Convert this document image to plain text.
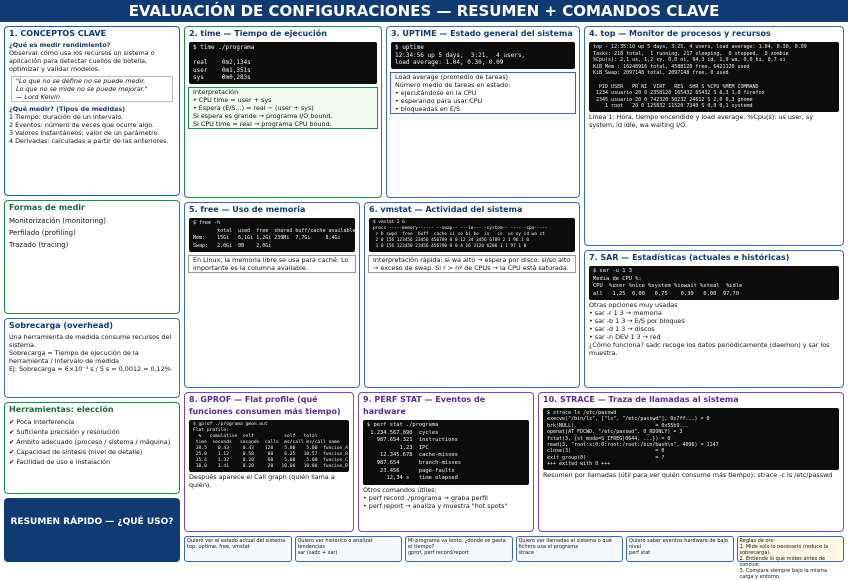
EVALUACIÓN DE CONFIGURACIONES — RESUMEN + COMANDOS CLAVE
1. CONCEPTOS CLAVE
¿Qué es medir rendimiento?
Observar cómo usa los recursos un sistema o
aplicación para detectar cuellos de botella,
optimizar y validar modelos.
"Lo que no se define no se puede medir.
Lo que no se mide no se puede mejorar."
— Lord Kelvin
¿Qué medir? (Tipos de medidas)
1 Tiempo: duración de un intervalo.
2 Eventos: número de veces que ocurre algo.
3 Valores instantáneos: valor de un parámetro.
4 Derivadas: calculadas a partir de las anteriores.
Formas de medir
Monitorización (monitoring)
Perfilado (profiling)
Trazado (tracing)
Sobrecarga (overhead)
Una herramienta de medida consume recursos del sistema.
Sobrecarga = Tiempo de ejecución de la herramienta / Intervalo de medida
Ej: Sobrecarga = 6×10⁻³ s / 5 s = 0,0012 = 0,12%
Herramientas: elección
✔ Poca interferencia
✔ Suficiente precisión y resolución
✔ Ámbito adecuado (proceso / sistema / máquina)
✔ Capacidad de síntesis (nivel de detalle)
✔ Facilidad de uso e instalación
2. time — Tiempo de ejecución
$ time ./programa

real    0m2,134s
user    0m1,351s
sys     0m0,283s
Interpretación
• CPU time = user + sys
• Espera (E/S...) = real − (user + sys)
Si espera es grande → programa I/O bound.
Si CPU time ≈ real → programa CPU bound.
3. UPTIME — Estado general del sistema
$ uptime
12:34:56 up 5 days,  3:21,  4 users,
load average: 1.04, 0.30, 0.09
Load average (promedio de tareas)
Número medio de tareas en estado:
• ejecutándose en la CPU
• esperando para usar CPU
• bloqueadas en E/S
4. top — Monitor de procesos y recursos
top - 12:35:10 up 5 days, 3:25, 4 users, load average: 1.04, 0.30, 0.09
Tasks: 218 total,  1 running, 217 sleeping,  0 stopped,  0 zombie
%Cpu(s): 2,1 us, 1,2 sy, 0,0 ni, 94,3 id, 1,9 wa, 0,0 hi, 0,7 si
KiB Mem : 16248916 total, 4588120 free, 6421120 used
KiB Swap: 2097148 total, 2097148 free, 0 used

PID USER   PR NI  VIRT   RES  SHR S %CPU %MEM COMMAND
1234 usuario 20 0 2358120 165432 65432 S 6,3 1,0 firefox
2345 usuario 20 0 742320 50232 24612 S 2,0 0,3 gnome
1 root   20 0 125832 11520 7340 S 0,0 0,1 systemd
Línea 1: Hora, tiempo encendido y load average. %Cpu(s): us user, sy system, id idle, wa waiting I/O.
5. free — Uso de memoria
$ free -h
total  used  free  shared buff/cache available
Mem:    15Gi   6,1Gi 1,2Gi 239Mi  7,7Gi     8,4Gi
Swap:   2,0Gi  0B    2,0Gi
En Linux, la memoria libre se usa para caché. Lo importante es la columna available.
6. vmstat — Actividad del sistema
$ vmstat 2 6
procs -----memory------ --swap-- ---io--- -system-- ------cpu-----
r b swpd  free  buff  cache si so bi bo  in   cs  us sy id wa st
2 0 156 123456 23456 456789 0 0 12 34 3456 6789 2 1 96 1 0
1 0 156 123450 23456 456790 0 0 4 16 3120 6200 1 1 97 1 0
Interpretación rápida: si wa alto → espera por disco. si/so alto → exceso de swap. Si r > nº de CPUs → la CPU está saturada.
7. SAR — Estadísticas (actuales e históricas)
$ sar -u 1 3
Media de CPU %:
CPU  %user %nice %system %iowait %steal  %idle
all   1,25  0,00   0,75    0,30   0,00  97,70
Otras opciones muy usadas
• sar -r 1 3 → memoria
• sar -b 1 3 → E/S por bloques
• sar -d 1 3 → discos
• sar -n DEV 1 3 → red
¿Cómo funciona? sadc recoge los datos periódicamente (daemon) y sar los muestra.
8. GPROF — Flat profile (qué funciones consumen más tiempo)
$ gprof ./programa gmon.out
Flat profile:
%   cumulative  self           self   total
time  seconds   seconds  calls  ms/call ms/call name
38.5    0.43     0.43    120    5.00    5.00  funcion_A
25.0    1.12     0.58     80    6.25   10.57  funcion_B
15.4    1.32     0.20     60    5.00    5.00  funcion_C
10.0    1.41     0.20     20   10.00   10.00  funcion_D
Después aparece el Call graph (quién llama a quién).
9. PERF STAT — Eventos de hardware
$ perf stat ./programa
1.234.567.890  cycles
987.654.321  instructions
1,23  IPC
12.345.678  cache-misses
987.654      branch-misses
23.456      page-faults
12,34 s   time elapsed
Otros comandos útiles:
• perf record ./programa → graba perfil
• perf report → analiza y muestra "hot spots"
10. STRACE — Traza de llamadas al sistema
$ strace ls /etc/passwd
execve("/bin/ls", ["ls", "/etc/passwd"], 0x7ff...) = 0
brk(NULL)                           = 0x55b9...
openat(AT_FDCWD, "/etc/passwd", O_RDONLY) = 3
fstat(3, {st_mode=S_IFREG|0644, ...}) = 0
read(3, "root:x:0:0:root:/root:/bin/bash\n", 4096) = 1147
close(3)                            = 0
exit_group(0)                       = ?
+++ exited with 0 +++
Resumen por llamadas (útil para ver quién consume más tiempo): strace -c ls /etc/passwd
RESUMEN RÁPIDO — ¿QUÉ USO?
Quiero ver el estado actual del sistema
top, uptime, free, vmstat
Quiero ver histórico o analizar tendencias
sar (sadc + sar)
Mi programa va lento, ¿dónde se gasta el tiempo?
gprof, perf record/report
Quiero ver llamadas al sistema o qué fichero usa el programa
strace
Quiero saber eventos hardware de bajo nivel
perf stat
Reglas de oro
1. Mide solo lo necesario (reduce la sobrecarga).
2. Entiende lo que mides antes de concluir.
3. Compara siempre bajo la misma carga y entorno.
